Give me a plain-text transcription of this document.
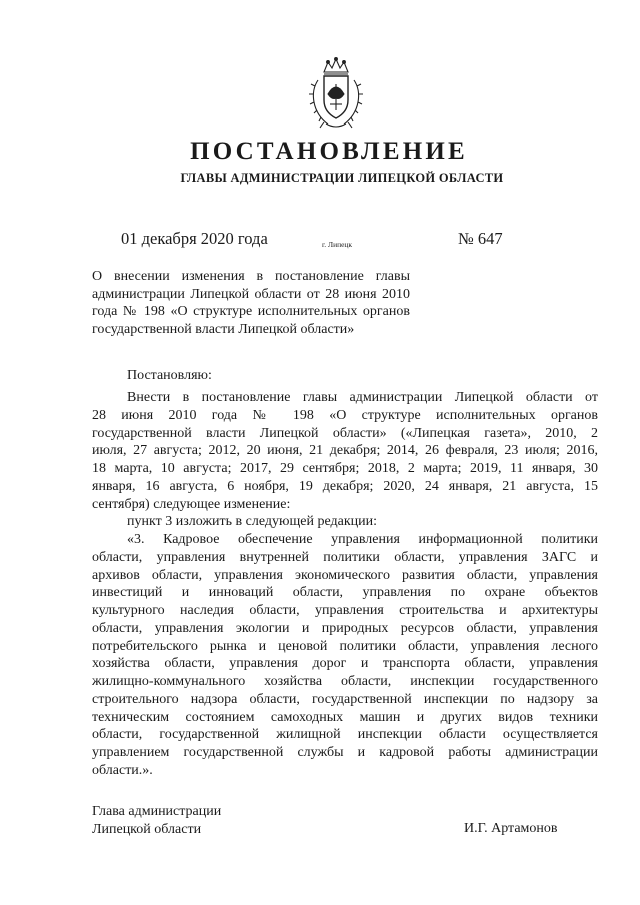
ПОСТАНОВЛЕНИЕ
ГЛАВЫ АДМИНИСТРАЦИИ ЛИПЕЦКОЙ ОБЛАСТИ
01 декабря 2020 года	г. Липецк	№ 647
О внесении изменения в постановление главы
администрации Липецкой области от 28 июня 2010
года № 198 «О структуре исполнительных органов
государственной власти Липецкой области»
Постановляю:
Внести в постановление главы администрации Липецкой области от
28 июня 2010 года № 198 «О структуре исполнительных органов
государственной власти Липецкой области» («Липецкая газета», 2010, 2
июля, 27 августа; 2012, 20 июня, 21 декабря; 2014, 26 февраля, 23 июля; 2016,
18 марта, 10 августа; 2017, 29 сентября; 2018, 2 марта; 2019, 11 января, 30
января, 16 августа, 6 ноября, 19 декабря; 2020, 24 января, 21 августа, 15
сентября) следующее изменение:
пункт 3 изложить в следующей редакции:
«3. Кадровое обеспечение управления информационной политики
области, управления внутренней политики области, управления ЗАГС и
архивов области, управления экономического развития области, управления
инвестиций и инноваций области, управления по охране объектов
культурного наследия области, управления строительства и архитектуры
области, управления экологии и природных ресурсов области, управления
потребительского рынка и ценовой политики области, управления лесного
хозяйства области, управления дорог и транспорта области, управления
жилищно-коммунального хозяйства области, инспекции государственного
строительного надзора области, государственной инспекции по надзору за
техническим состоянием самоходных машин и других видов техники
области, государственной жилищной инспекции области осуществляется
управлением государственной службы и кадровой работы администрации
области.».
Глава администрации
Липецкой области	И.Г. Артамонов
